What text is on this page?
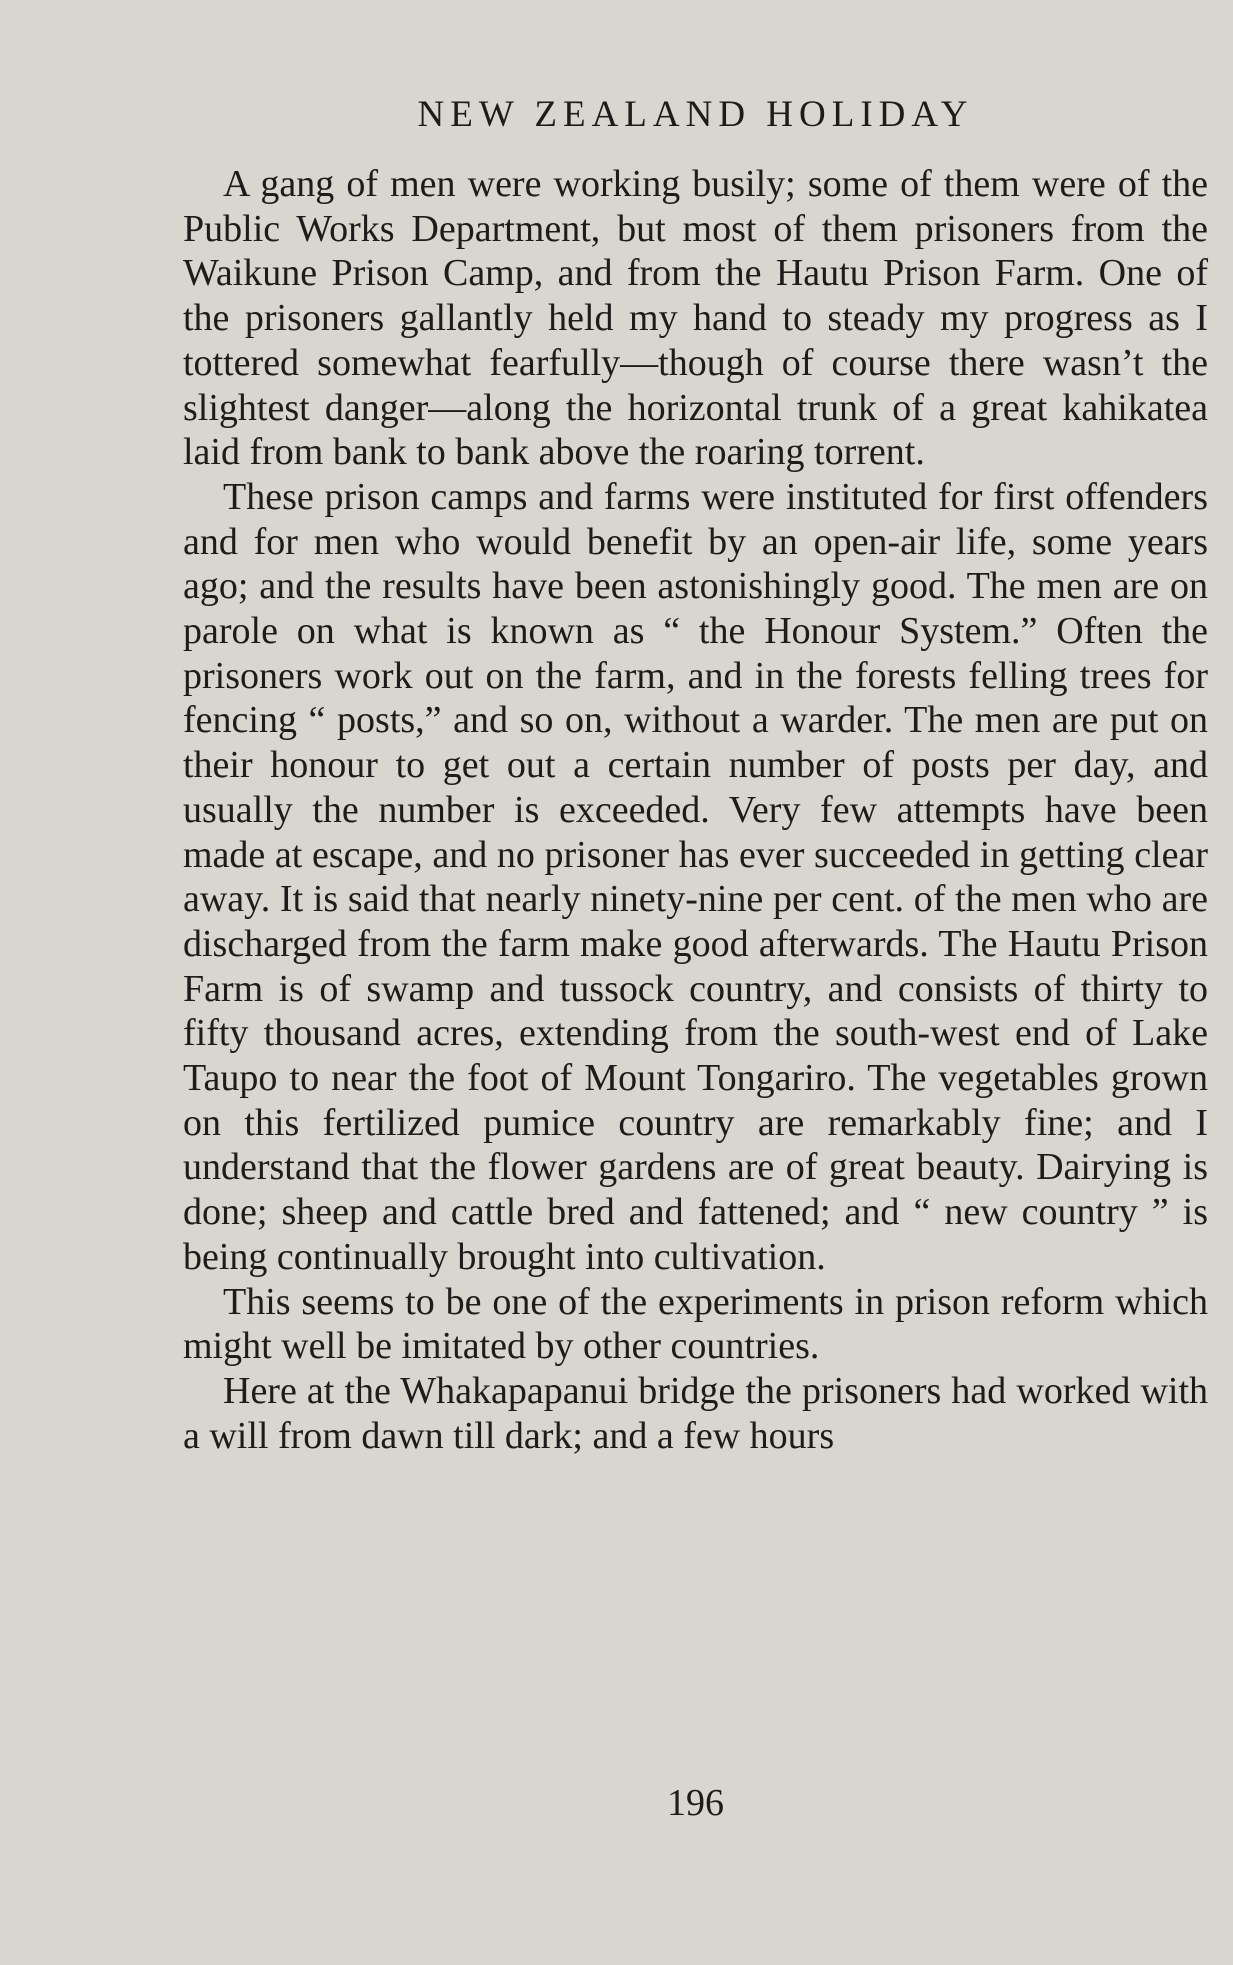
NEW ZEALAND HOLIDAY

A gang of men were working busily; some of them were of the Public Works Department, but most of them prisoners from the Waikune Prison Camp, and from the Hautu Prison Farm. One of the prisoners gallantly held my hand to steady my progress as I tottered somewhat fearfully—though of course there wasn’t the slightest danger—along the horizontal trunk of a great kahikatea laid from bank to bank above the roaring torrent.

These prison camps and farms were instituted for first offenders and for men who would benefit by an open-air life, some years ago; and the results have been astonishingly good. The men are on parole on what is known as “ the Honour System.” Often the prisoners work out on the farm, and in the forests felling trees for fencing “ posts,” and so on, without a warder. The men are put on their honour to get out a certain number of posts per day, and usually the number is exceeded. Very few attempts have been made at escape, and no prisoner has ever succeeded in getting clear away. It is said that nearly ninety-nine per cent. of the men who are discharged from the farm make good afterwards. The Hautu Prison Farm is of swamp and tussock country, and consists of thirty to fifty thousand acres, extending from the south-west end of Lake Taupo to near the foot of Mount Tongariro. The vegetables grown on this fertilized pumice country are remarkably fine; and I understand that the flower gardens are of great beauty. Dairying is done; sheep and cattle bred and fattened; and “ new country ” is being continually brought into cultivation.

This seems to be one of the experiments in prison reform which might well be imitated by other countries.

Here at the Whakapapanui bridge the prisoners had worked with a will from dawn till dark; and a few hours

196
